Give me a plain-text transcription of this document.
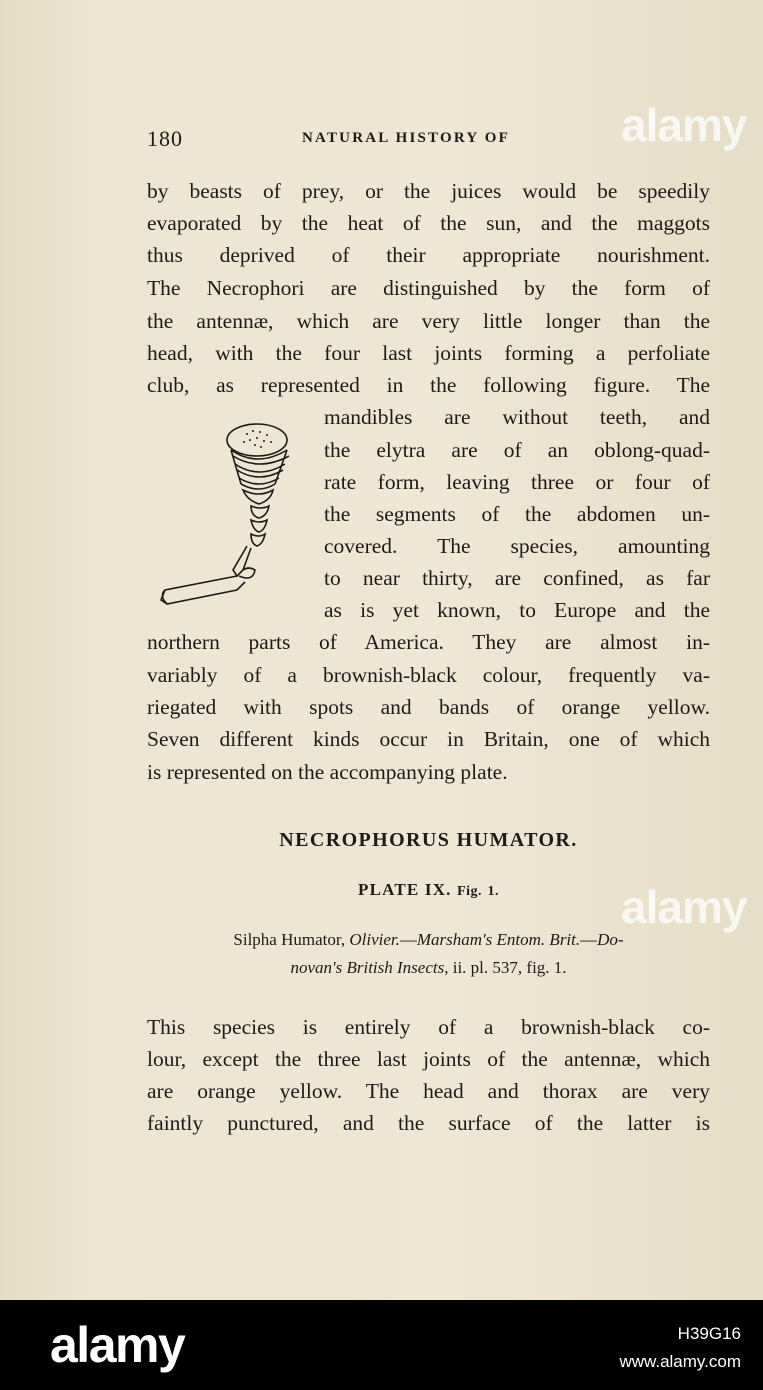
180	NATURAL HISTORY OF
by beasts of prey, or the juices would be speedily
evaporated by the heat of the sun, and the maggots
thus deprived of their appropriate nourishment.
The Necrophori are distinguished by the form of
the antennæ, which are very little longer than the
head, with the four last joints forming a perfoliate
club, as represented in the following figure. The
mandibles are without teeth, and
the elytra are of an oblong-quad-
rate form, leaving three or four of
the segments of the abdomen un-
covered. The species, amounting
to near thirty, are confined, as far
as is yet known, to Europe and the
northern parts of America. They are almost in-
variably of a brownish-black colour, frequently va-
riegated with spots and bands of orange yellow.
Seven different kinds occur in Britain, one of which
is represented on the accompanying plate.
NECROPHORUS HUMATOR.
PLATE IX. Fig. 1.
Silpha Humator, Olivier.—Marsham's Entom. Brit.—Do-
novan's British Insects, ii. pl. 537, fig. 1.
This species is entirely of a brownish-black co-
lour, except the three last joints of the antennæ, which
are orange yellow. The head and thorax are very
faintly punctured, and the surface of the latter is
alamy
alamy
alamy	H39G16
www.alamy.com
